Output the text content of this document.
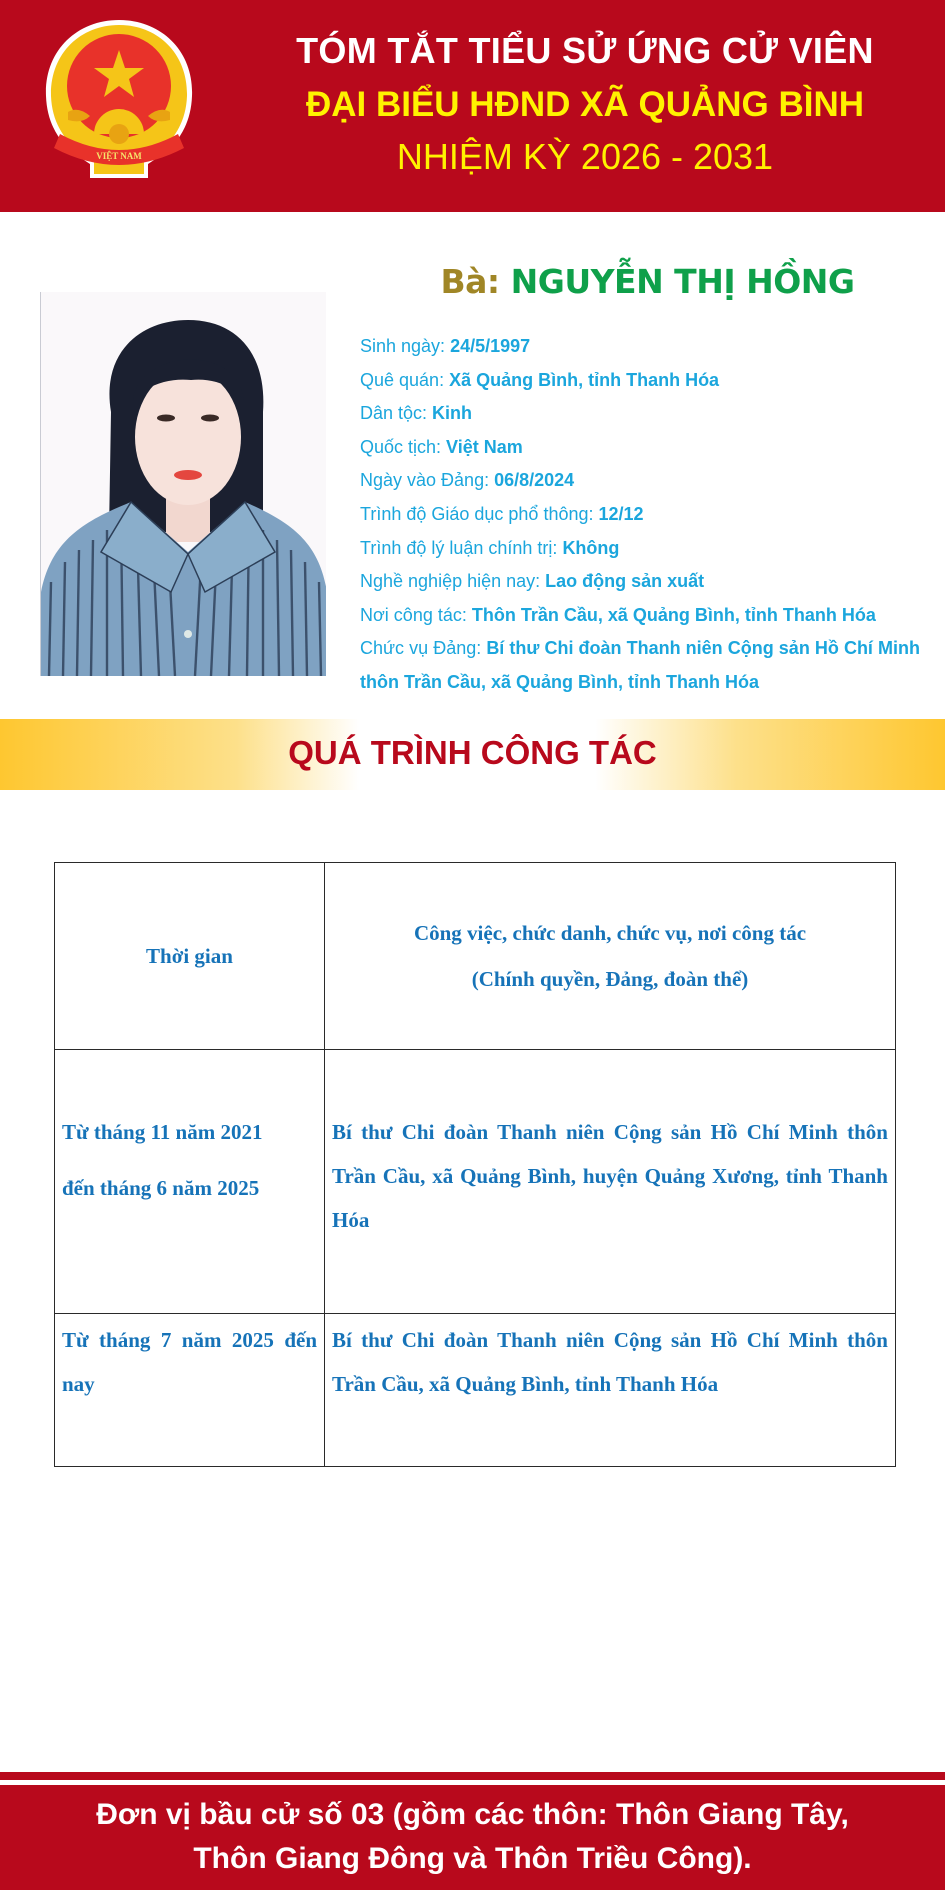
VIỆT NAM
TÓM TẮT TIỂU SỬ ỨNG CỬ VIÊN
ĐẠI BIỂU HĐND XÃ QUẢNG BÌNH
NHIỆM KỲ 2026 - 2031
Bà: NGUYỄN THỊ HỒNG
Sinh ngày: 24/5/1997
Quê quán: Xã Quảng Bình, tỉnh Thanh Hóa
Dân tộc: Kinh
Quốc tịch: Việt Nam
Ngày vào Đảng: 06/8/2024
Trình độ Giáo dục phổ thông: 12/12
Trình độ lý luận chính trị: Không
Nghề nghiệp hiện nay: Lao động sản xuất
Nơi công tác: Thôn Trần Cầu, xã Quảng Bình, tỉnh Thanh Hóa
Chức vụ Đảng: Bí thư Chi đoàn Thanh niên Cộng sản Hồ Chí Minh thôn Trần Cầu, xã Quảng Bình, tỉnh Thanh Hóa
QUÁ TRÌNH CÔNG TÁC
Thời gian	Công việc, chức danh, chức vụ, nơi công tác
(Chính quyền, Đảng, đoàn thể)

Từ tháng 11 năm 2021
đến tháng 6 năm 2025	Bí thư Chi đoàn Thanh niên Cộng sản Hồ Chí Minh thôn Trần Cầu, xã Quảng Bình, huyện Quảng Xương, tỉnh Thanh Hóa
Từ tháng 7 năm 2025 đến nay	Bí thư Chi đoàn Thanh niên Cộng sản Hồ Chí Minh thôn Trần Cầu, xã Quảng Bình, tỉnh Thanh Hóa
Đơn vị bầu cử số 03 (gồm các thôn: Thôn Giang Tây,
Thôn Giang Đông và Thôn Triều Công).
